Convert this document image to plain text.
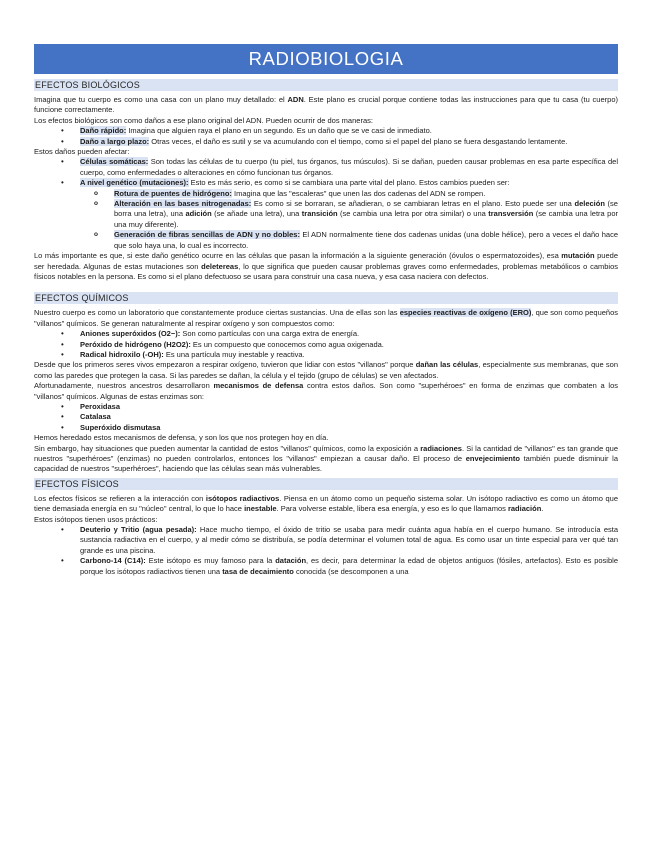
RADIOBIOLOGIA
EFECTOS BIOLÓGICOS

Imagina que tu cuerpo es como una casa con un plano muy detallado: el ADN. Este plano es crucial porque contiene todas las instrucciones para que tu casa (tu cuerpo) funcione correctamente.

Los efectos biológicos son como daños a ese plano original del ADN. Pueden ocurrir de dos maneras:

• Daño rápido: Imagina que alguien raya el plano en un segundo. Es un daño que se ve casi de inmediato.
• Daño a largo plazo: Otras veces, el daño es sutil y se va acumulando con el tiempo, como si el papel del plano se fuera desgastando lentamente.

Estos daños pueden afectar:

• Células somáticas: Son todas las células de tu cuerpo (tu piel, tus órganos, tus músculos). Si se dañan, pueden causar problemas en esa parte específica del cuerpo, como enfermedades o alteraciones en cómo funcionan tus órganos.
• A nivel genético (mutaciones): Esto es más serio, es como si se cambiara una parte vital del plano. Estos cambios pueden ser:
o Rotura de puentes de hidrógeno: Imagina que las "escaleras" que unen las dos cadenas del ADN se rompen.
o Alteración en las bases nitrogenadas: Es como si se borraran, se añadieran, o se cambiaran letras en el plano. Esto puede ser una deleción (se borra una letra), una adición (se añade una letra), una transición (se cambia una letra por otra similar) o una transversión (se cambia una letra por una muy diferente).
o Generación de fibras sencillas de ADN y no dobles: El ADN normalmente tiene dos cadenas unidas (una doble hélice), pero a veces el daño hace que solo haya una, lo cual es incorrecto.

Lo más importante es que, si este daño genético ocurre en las células que pasan la información a la siguiente generación (óvulos o espermatozoides), esa mutación puede ser heredada. Algunas de estas mutaciones son deletereas, lo que significa que pueden causar problemas graves como enfermedades, problemas metabólicos o cambios físicos notables en la persona. Es como si el plano defectuoso se usara para construir una casa nueva, y esa casa naciera con defectos.

EFECTOS QUÍMICOS

Nuestro cuerpo es como un laboratorio que constantemente produce ciertas sustancias. Una de ellas son las especies reactivas de oxígeno (ERO), que son como pequeños "villanos" químicos. Se generan naturalmente al respirar oxígeno y son compuestos como:

• Aniones superóxidos (O2−): Son como partículas con una carga extra de energía.
• Peróxido de hidrógeno (H2O2): Es un compuesto que conocemos como agua oxigenada.
• Radical hidroxilo (-OH): Es una partícula muy inestable y reactiva.

Desde que los primeros seres vivos empezaron a respirar oxígeno, tuvieron que lidiar con estos "villanos" porque dañan las células, especialmente sus membranas, que son como las paredes que protegen la casa. Si las paredes se dañan, la célula y el tejido (grupo de células) se ven afectados.

Afortunadamente, nuestros ancestros desarrollaron mecanismos de defensa contra estos daños. Son como "superhéroes" en forma de enzimas que combaten a los "villanos" químicos. Algunas de estas enzimas son:

• Peroxidasa
• Catalasa
• Superóxido dismutasa

Hemos heredado estos mecanismos de defensa, y son los que nos protegen hoy en día.

Sin embargo, hay situaciones que pueden aumentar la cantidad de estos "villanos" químicos, como la exposición a radiaciones. Si la cantidad de "villanos" es tan grande que nuestros "superhéroes" (enzimas) no pueden controlarlos, entonces los "villanos" empiezan a causar daño. El proceso de envejecimiento también puede disminuir la capacidad de nuestros "superhéroes", haciendo que las células sean más vulnerables.

EFECTOS FÍSICOS

Los efectos físicos se refieren a la interacción con isótopos radiactivos. Piensa en un átomo como un pequeño sistema solar. Un isótopo radiactivo es como un átomo que tiene demasiada energía en su "núcleo" central, lo que lo hace inestable. Para volverse estable, libera esa energía, y eso es lo que llamamos radiación.

Estos isótopos tienen usos prácticos:

• Deuterio y Tritio (agua pesada): Hace mucho tiempo, el óxido de tritio se usaba para medir cuánta agua había en el cuerpo humano. Se introducía esta sustancia radiactiva en el cuerpo, y al medir cómo se distribuía, se podía determinar el volumen total de agua. Es como usar un tinte especial para ver qué tan grande es una piscina.
• Carbono-14 (C14): Este isótopo es muy famoso para la datación, es decir, para determinar la edad de objetos antiguos (fósiles, artefactos). Esto es posible porque los isótopos radiactivos tienen una tasa de decaimiento conocida (se descomponen a una
